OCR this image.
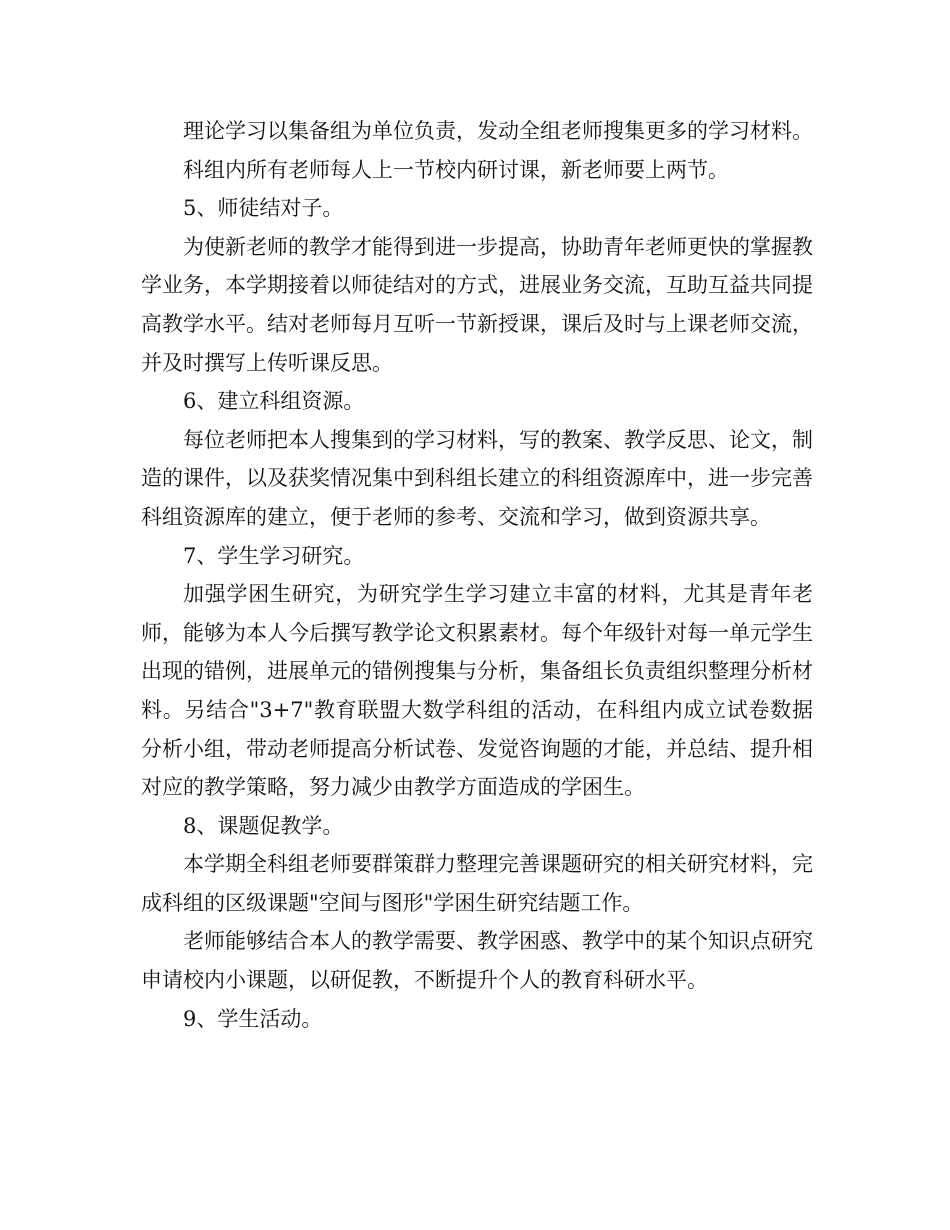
理论学习以集备组为单位负责，发动全组老师搜集更多的学习材料。

科组内所有老师每人上一节校内研讨课，新老师要上两节。

5、师徒结对子。

为使新老师的教学才能得到进一步提高，协助青年老师更快的掌握教学业务，本学期接着以师徒结对的方式，进展业务交流，互助互益共同提高教学水平。结对老师每月互听一节新授课，课后及时与上课老师交流，并及时撰写上传听课反思。

6、建立科组资源。

每位老师把本人搜集到的学习材料，写的教案、教学反思、论文，制造的课件，以及获奖情况集中到科组长建立的科组资源库中，进一步完善科组资源库的建立，便于老师的参考、交流和学习，做到资源共享。

7、学生学习研究。

加强学困生研究，为研究学生学习建立丰富的材料，尤其是青年老师，能够为本人今后撰写教学论文积累素材。每个年级针对每一单元学生出现的错例，进展单元的错例搜集与分析，集备组长负责组织整理分析材料。另结合"3+7"教育联盟大数学科组的活动，在科组内成立试卷数据分析小组，带动老师提高分析试卷、发觉咨询题的才能，并总结、提升相对应的教学策略，努力减少由教学方面造成的学困生。

8、课题促教学。

本学期全科组老师要群策群力整理完善课题研究的相关研究材料，完成科组的区级课题"空间与图形"学困生研究结题工作。

老师能够结合本人的教学需要、教学困惑、教学中的某个知识点研究申请校内小课题，以研促教，不断提升个人的教育科研水平。

9、学生活动。
